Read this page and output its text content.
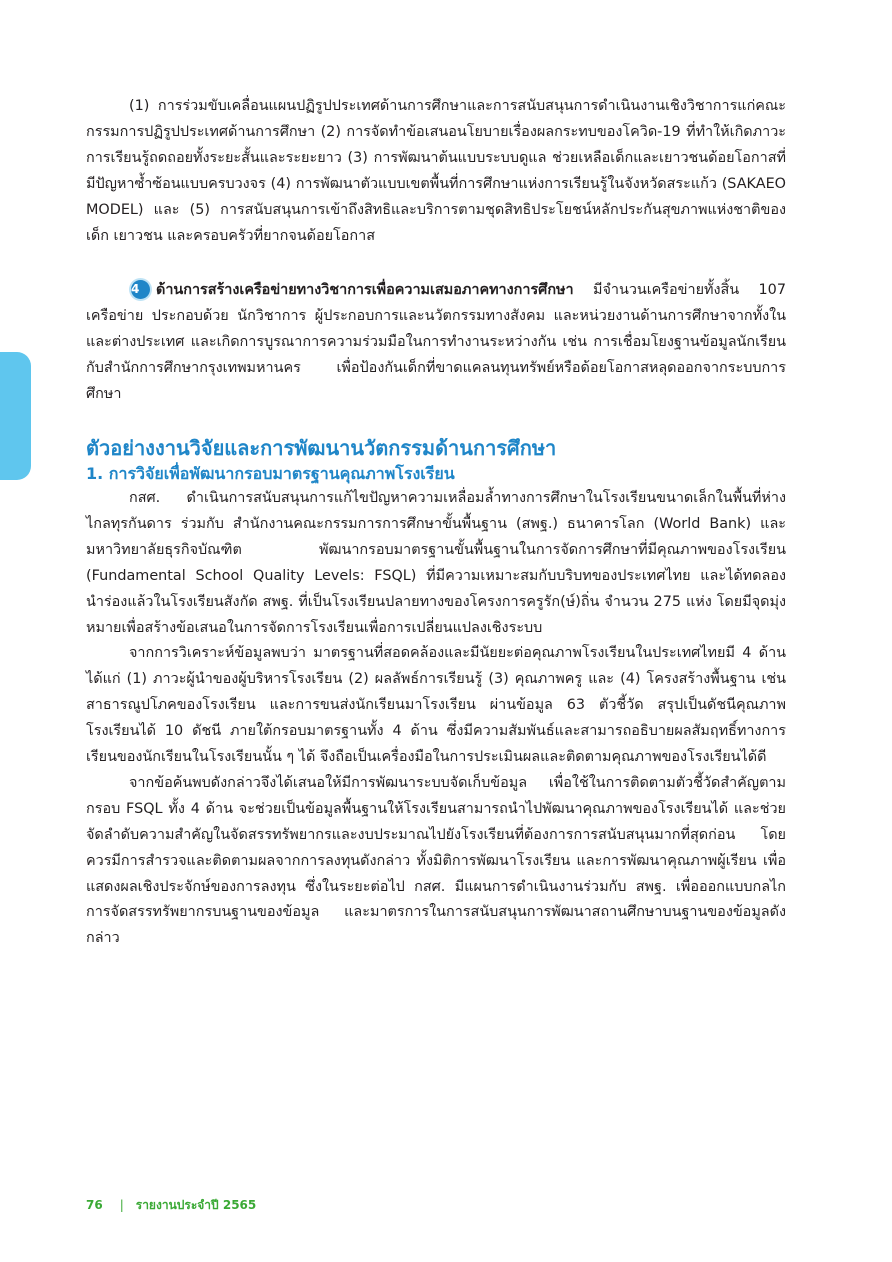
(1) การร่วมขับเคลื่อนแผนปฏิรูปประเทศด้านการศึกษาและการสนับสนุนการดำเนินงานเชิงวิชาการแก่คณะกรรมการปฏิรูปประเทศด้านการศึกษา (2) การจัดทำข้อเสนอนโยบายเรื่องผลกระทบของโควิด-19 ที่ทำให้เกิดภาวะการเรียนรู้ถดถอยทั้งระยะสั้นและระยะยาว (3) การพัฒนาต้นแบบระบบดูแล ช่วยเหลือเด็กและเยาวชนด้อยโอกาสที่มีปัญหาซ้ำซ้อนแบบครบวงจร (4) การพัฒนาตัวแบบเขตพื้นที่การศึกษาแห่งการเรียนรู้ในจังหวัดสระแก้ว (SAKAEO MODEL) และ (5) การสนับสนุนการเข้าถึงสิทธิและบริการตามชุดสิทธิประโยชน์หลักประกันสุขภาพแห่งชาติของเด็ก เยาวชน และครอบครัวที่ยากจนด้อยโอกาส

4 ด้านการสร้างเครือข่ายทางวิชาการเพื่อความเสมอภาคทางการศึกษา มีจำนวนเครือข่ายทั้งสิ้น 107 เครือข่าย ประกอบด้วย นักวิชาการ ผู้ประกอบการและนวัตกรรมทางสังคม และหน่วยงานด้านการศึกษาจากทั้งในและต่างประเทศ และเกิดการบูรณาการความร่วมมือในการทำงานระหว่างกัน เช่น การเชื่อมโยงฐานข้อมูลนักเรียนกับสำนักการศึกษากรุงเทพมหานคร เพื่อป้องกันเด็กที่ขาดแคลนทุนทรัพย์หรือด้อยโอกาสหลุดออกจากระบบการศึกษา

ตัวอย่างงานวิจัยและการพัฒนานวัตกรรมด้านการศึกษา
1. การวิจัยเพื่อพัฒนากรอบมาตรฐานคุณภาพโรงเรียน

กสศ. ดำเนินการสนับสนุนการแก้ไขปัญหาความเหลื่อมล้ำทางการศึกษาในโรงเรียนขนาดเล็กในพื้นที่ห่างไกลทุรกันดาร ร่วมกับ สำนักงานคณะกรรมการการศึกษาขั้นพื้นฐาน (สพฐ.) ธนาคารโลก (World Bank) และ มหาวิทยาลัยธุรกิจบัณฑิต พัฒนากรอบมาตรฐานขั้นพื้นฐานในการจัดการศึกษาที่มีคุณภาพของโรงเรียน (Fundamental School Quality Levels: FSQL) ที่มีความเหมาะสมกับบริบทของประเทศไทย และได้ทดลองนำร่องแล้วในโรงเรียนสังกัด สพฐ. ที่เป็นโรงเรียนปลายทางของโครงการครูรัก(ษ์)ถิ่น จำนวน 275 แห่ง โดยมีจุดมุ่งหมายเพื่อสร้างข้อเสนอในการจัดการโรงเรียนเพื่อการเปลี่ยนแปลงเชิงระบบ

จากการวิเคราะห์ข้อมูลพบว่า มาตรฐานที่สอดคล้องและมีนัยยะต่อคุณภาพโรงเรียนในประเทศไทยมี 4 ด้าน ได้แก่ (1) ภาวะผู้นำของผู้บริหารโรงเรียน (2) ผลลัพธ์การเรียนรู้ (3) คุณภาพครู และ (4) โครงสร้างพื้นฐาน เช่น สาธารณูปโภคของโรงเรียน และการขนส่งนักเรียนมาโรงเรียน ผ่านข้อมูล 63 ตัวชี้วัด สรุปเป็นดัชนีคุณภาพโรงเรียนได้ 10 ดัชนี ภายใต้กรอบมาตรฐานทั้ง 4 ด้าน ซึ่งมีความสัมพันธ์และสามารถอธิบายผลสัมฤทธิ์ทางการเรียนของนักเรียนในโรงเรียนนั้น ๆ ได้ จึงถือเป็นเครื่องมือในการประเมินผลและติดตามคุณภาพของโรงเรียนได้ดี

จากข้อค้นพบดังกล่าวจึงได้เสนอให้มีการพัฒนาระบบจัดเก็บข้อมูล เพื่อใช้ในการติดตามตัวชี้วัดสำคัญตามกรอบ FSQL ทั้ง 4 ด้าน จะช่วยเป็นข้อมูลพื้นฐานให้โรงเรียนสามารถนำไปพัฒนาคุณภาพของโรงเรียนได้ และช่วยจัดลำดับความสำคัญในจัดสรรทรัพยากรและงบประมาณไปยังโรงเรียนที่ต้องการการสนับสนุนมากที่สุดก่อน โดยควรมีการสำรวจและติดตามผลจากการลงทุนดังกล่าว ทั้งมิติการพัฒนาโรงเรียน และการพัฒนาคุณภาพผู้เรียน เพื่อแสดงผลเชิงประจักษ์ของการลงทุน ซึ่งในระยะต่อไป กสศ. มีแผนการดำเนินงานร่วมกับ สพฐ. เพื่อออกแบบกลไกการจัดสรรทรัพยากรบนฐานของข้อมูล และมาตรการในการสนับสนุนการพัฒนาสถานศึกษาบนฐานของข้อมูลดังกล่าว

76 | รายงานประจำปี 2565
